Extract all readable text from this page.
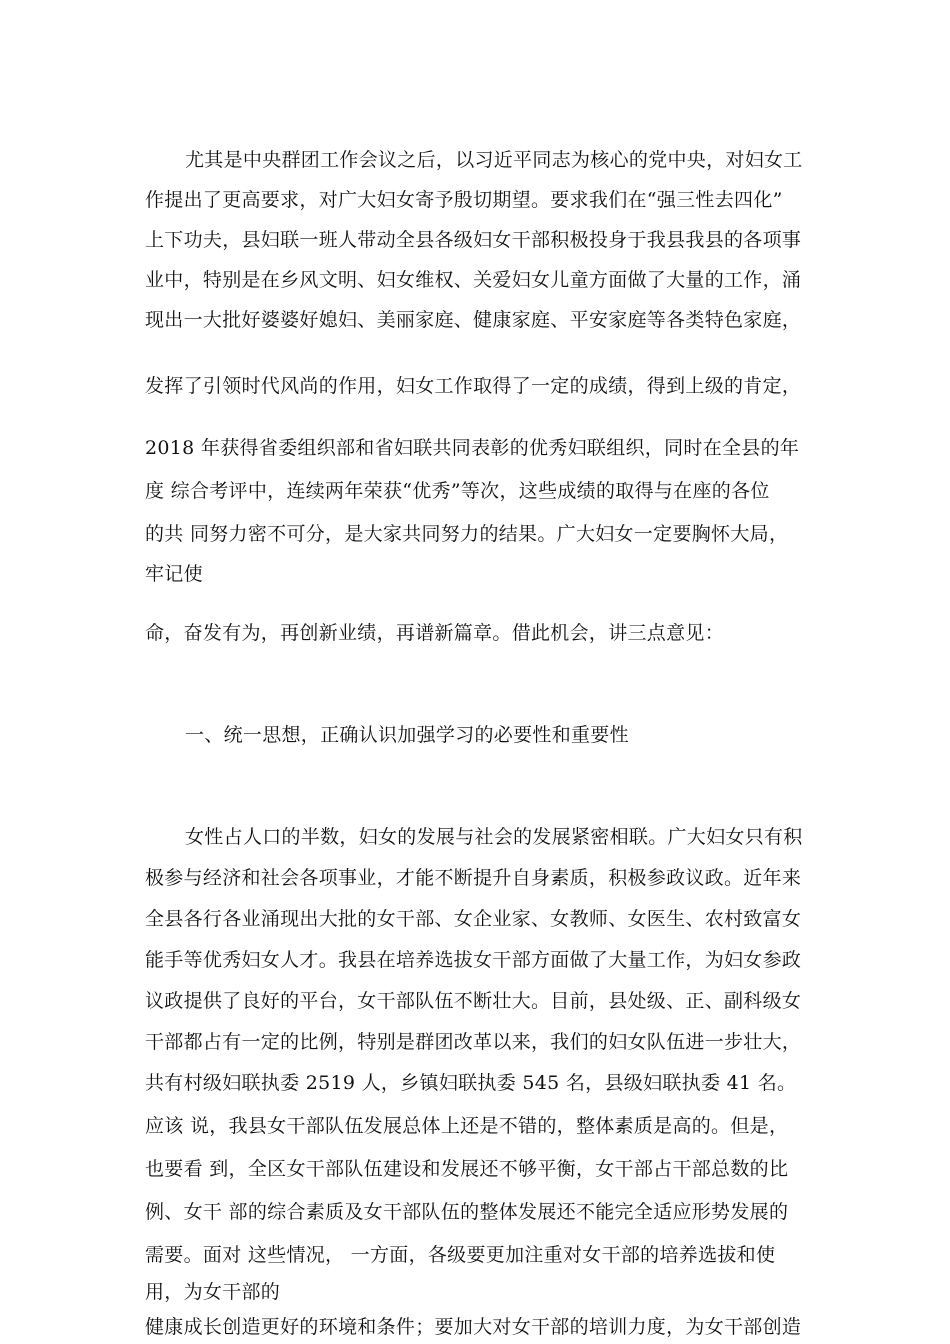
尤其是中央群团工作会议之后，以习近平同志为核心的党中央，对妇女工
作提出了更高要求，对广大妇女寄予殷切期望。要求我们在“强三性去四化”
上下功夫，县妇联一班人带动全县各级妇女干部积极投身于我县我县的各项事
业中，特别是在乡风文明、妇女维权、关爱妇女儿童方面做了大量的工作，涌
现出一大批好婆婆好媳妇、美丽家庭、健康家庭、平安家庭等各类特色家庭，
发挥了引领时代风尚的作用，妇女工作取得了一定的成绩，得到上级的肯定，
2018 年获得省委组织部和省妇联共同表彰的优秀妇联组织，同时在全县的年
度 综合考评中，连续两年荣获“优秀”等次，这些成绩的取得与在座的各位
的共 同努力密不可分，是大家共同努力的结果。广大妇女一定要胸怀大局，
牢记使
命，奋发有为，再创新业绩，再谱新篇章。借此机会，讲三点意见：
一、统一思想，正确认识加强学习的必要性和重要性
女性占人口的半数，妇女的发展与社会的发展紧密相联。广大妇女只有积
极参与经济和社会各项事业，才能不断提升自身素质，积极参政议政。近年来
全县各行各业涌现出大批的女干部、女企业家、女教师、女医生、农村致富女
能手等优秀妇女人才。我县在培养选拔女干部方面做了大量工作，为妇女参政
议政提供了良好的平台，女干部队伍不断壮大。目前，县处级、正、副科级女
干部都占有一定的比例，特别是群团改革以来，我们的妇女队伍进一步壮大，
共有村级妇联执委 2519 人，乡镇妇联执委 545 名，县级妇联执委 41 名。
应该 说，我县女干部队伍发展总体上还是不错的，整体素质是高的。但是，
也要看 到，全区女干部队伍建设和发展还不够平衡，女干部占干部总数的比
例、女干 部的综合素质及女干部队伍的整体发展还不能完全适应形势发展的
需要。面对 这些情况， 一方面，各级要更加注重对女干部的培养选拔和使
用，为女干部的
健康成长创造更好的环境和条件；要加大对女干部的培训力度，为女干部创造
